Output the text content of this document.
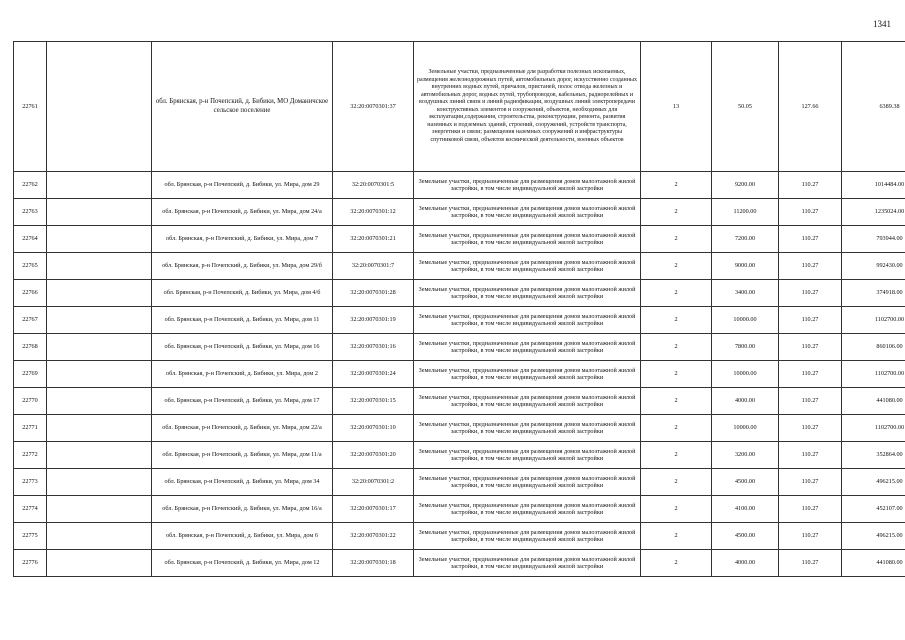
1341
22761		обл. Брянская, р-н Почепский, д. Бибики, МО Доманичское сельское поселение	32:20:0070301:37	Земельные участки, предназначенные для разработки полезных ископаемых, размещения железнодорожных путей, автомобильных дорог, искусственно созданных внутренних водных путей, причалов, пристаней, полос отвода железных и автомобильных дорог, водных путей, трубопроводов, кабельных, радиорелейных и воздушных линий связи и линий радиофикации, воздушных линий электропередачи конструктивных элементов и сооружений, объектов, необходимых для эксплуатации,содержания, строительства, реконструкции, ремонта, развития наземных и подземных зданий, строений, сооружений, устройств транспорта, энергетики и связи; размещения наземных сооружений и инфраструктуры спутниковой связи, объектов космической деятельности, военных объектов	13	50.05	127.66	6389.38
22762		обл. Брянская, р-н Почепский, д. Бибики, ул. Мира, дом 29	32:20:0070301:5	Земельные участки, предназначенные для размещения домов малоэтажной жилой застройки, в том числе индивидуальной жилой застройки	2	9200.00	110.27	1014484.00
22763		обл. Брянская, р-н Почепский, д. Бибики, ул. Мира, дом 24/а	32:20:0070301:12	Земельные участки, предназначенные для размещения домов малоэтажной жилой застройки, в том числе индивидуальной жилой застройки	2	11200.00	110.27	1235024.00
22764		обл. Брянская, р-н Почепский, д. Бибики, ул. Мира, дом 7	32:20:0070301:21	Земельные участки, предназначенные для размещения домов малоэтажной жилой застройки, в том числе индивидуальной жилой застройки	2	7200.00	110.27	793944.00
22765		обл. Брянская, р-н Почепский, д. Бибики, ул. Мира, дом 29/б	32:20:0070301:7	Земельные участки, предназначенные для размещения домов малоэтажной жилой застройки, в том числе индивидуальной жилой застройки	2	9000.00	110.27	992430.00
22766		обл. Брянская, р-н Почепский, д. Бибики, ул. Мира, дом 4/б	32:20:0070301:28	Земельные участки, предназначенные для размещения домов малоэтажной жилой застройки, в том числе индивидуальной жилой застройки	2	3400.00	110.27	374918.00
22767		обл. Брянская, р-н Почепский, д. Бибики, ул. Мира, дом 11	32:20:0070301:19	Земельные участки, предназначенные для размещения домов малоэтажной жилой застройки, в том числе индивидуальной жилой застройки	2	10000.00	110.27	1102700.00
22768		обл. Брянская, р-н Почепский, д. Бибики, ул. Мира, дом 16	32:20:0070301:16	Земельные участки, предназначенные для размещения домов малоэтажной жилой застройки, в том числе индивидуальной жилой застройки	2	7800.00	110.27	860106.00
22769		обл. Брянская, р-н Почепский, д. Бибики, ул. Мира, дом 2	32:20:0070301:24	Земельные участки, предназначенные для размещения домов малоэтажной жилой застройки, в том числе индивидуальной жилой застройки	2	10000.00	110.27	1102700.00
22770		обл. Брянская, р-н Почепский, д. Бибики, ул. Мира, дом 17	32:20:0070301:15	Земельные участки, предназначенные для размещения домов малоэтажной жилой застройки, в том числе индивидуальной жилой застройки	2	4000.00	110.27	441080.00
22771		обл. Брянская, р-н Почепский, д. Бибики, ул. Мира, дом 22/а	32:20:0070301:10	Земельные участки, предназначенные для размещения домов малоэтажной жилой застройки, в том числе индивидуальной жилой застройки	2	10000.00	110.27	1102700.00
22772		обл. Брянская, р-н Почепский, д. Бибики, ул. Мира, дом 11/а	32:20:0070301:20	Земельные участки, предназначенные для размещения домов малоэтажной жилой застройки, в том числе индивидуальной жилой застройки	2	3200.00	110.27	352864.00
22773		обл. Брянская, р-н Почепский, д. Бибики, ул. Мира, дом 34	32:20:0070301:2	Земельные участки, предназначенные для размещения домов малоэтажной жилой застройки, в том числе индивидуальной жилой застройки	2	4500.00	110.27	496215.00
22774		обл. Брянская, р-н Почепский, д. Бибики, ул. Мира, дом 16/а	32:20:0070301:17	Земельные участки, предназначенные для размещения домов малоэтажной жилой застройки, в том числе индивидуальной жилой застройки	2	4100.00	110.27	452107.00
22775		обл. Брянская, р-н Почепский, д. Бибики, ул. Мира, дом 6	32:20:0070301:22	Земельные участки, предназначенные для размещения домов малоэтажной жилой застройки, в том числе индивидуальной жилой застройки	2	4500.00	110.27	496215.00
22776		обл. Брянская, р-н Почепский, д. Бибики, ул. Мира, дом 12	32:20:0070301:18	Земельные участки, предназначенные для размещения домов малоэтажной жилой застройки, в том числе индивидуальной жилой застройки	2	4000.00	110.27	441080.00
